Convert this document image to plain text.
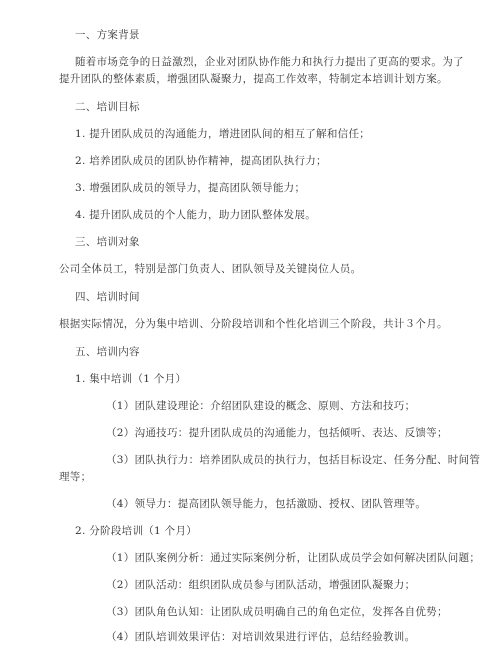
一、方案背景
随着市场竞争的日益激烈，企业对团队协作能力和执行力提出了更高的要求。为了
提升团队的整体素质，增强团队凝聚力，提高工作效率，特制定本培训计划方案。
二、培训目标
1. 提升团队成员的沟通能力，增进团队间的相互了解和信任；
2. 培养团队成员的团队协作精神，提高团队执行力；
3. 增强团队成员的领导力，提高团队领导能力；
4. 提升团队成员的个人能力，助力团队整体发展。
三、培训对象
公司全体员工，特别是部门负责人、团队领导及关键岗位人员。
四、培训时间
根据实际情况，分为集中培训、分阶段培训和个性化培训三个阶段，共计３个月。
五、培训内容
1. 集中培训（1 个月）
（1）团队建设理论：介绍团队建设的概念、原则、方法和技巧；
（2）沟通技巧：提升团队成员的沟通能力，包括倾听、表达、反馈等；
（3）团队执行力：培养团队成员的执行力，包括目标设定、任务分配、时间管
理等；
（4）领导力：提高团队领导能力，包括激励、授权、团队管理等。
2. 分阶段培训（1 个月）
（1）团队案例分析：通过实际案例分析，让团队成员学会如何解决团队问题；
（2）团队活动：组织团队成员参与团队活动，增强团队凝聚力；
（3）团队角色认知：让团队成员明确自己的角色定位，发挥各自优势；
（4）团队培训效果评估：对培训效果进行评估，总结经验教训。
